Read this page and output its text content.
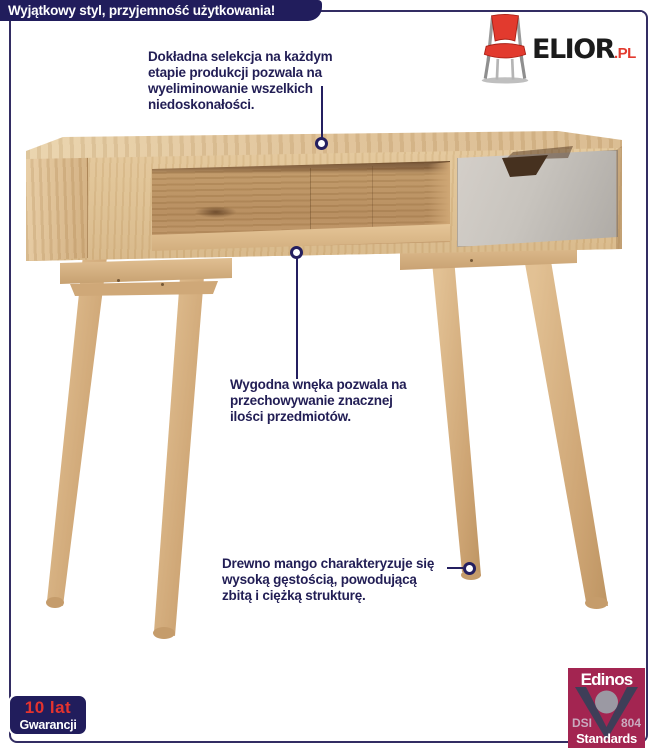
Dokładna selekcja na każdym
etapie produkcji pozwala na
wyeliminowanie wszelkich
niedoskonałości.
Wygodna wnęka pozwala na
przechowywanie znacznej
ilości przedmiotów.
Drewno mango charakteryzuje się
wysoką gęstością, powodującą
zbitą i ciężką strukturę.
Wyjątkowy styl, przyjemność użytkowania!
ELIOR.PL
10 lat
Gwarancji
Edinos
DSI 804
Standards
